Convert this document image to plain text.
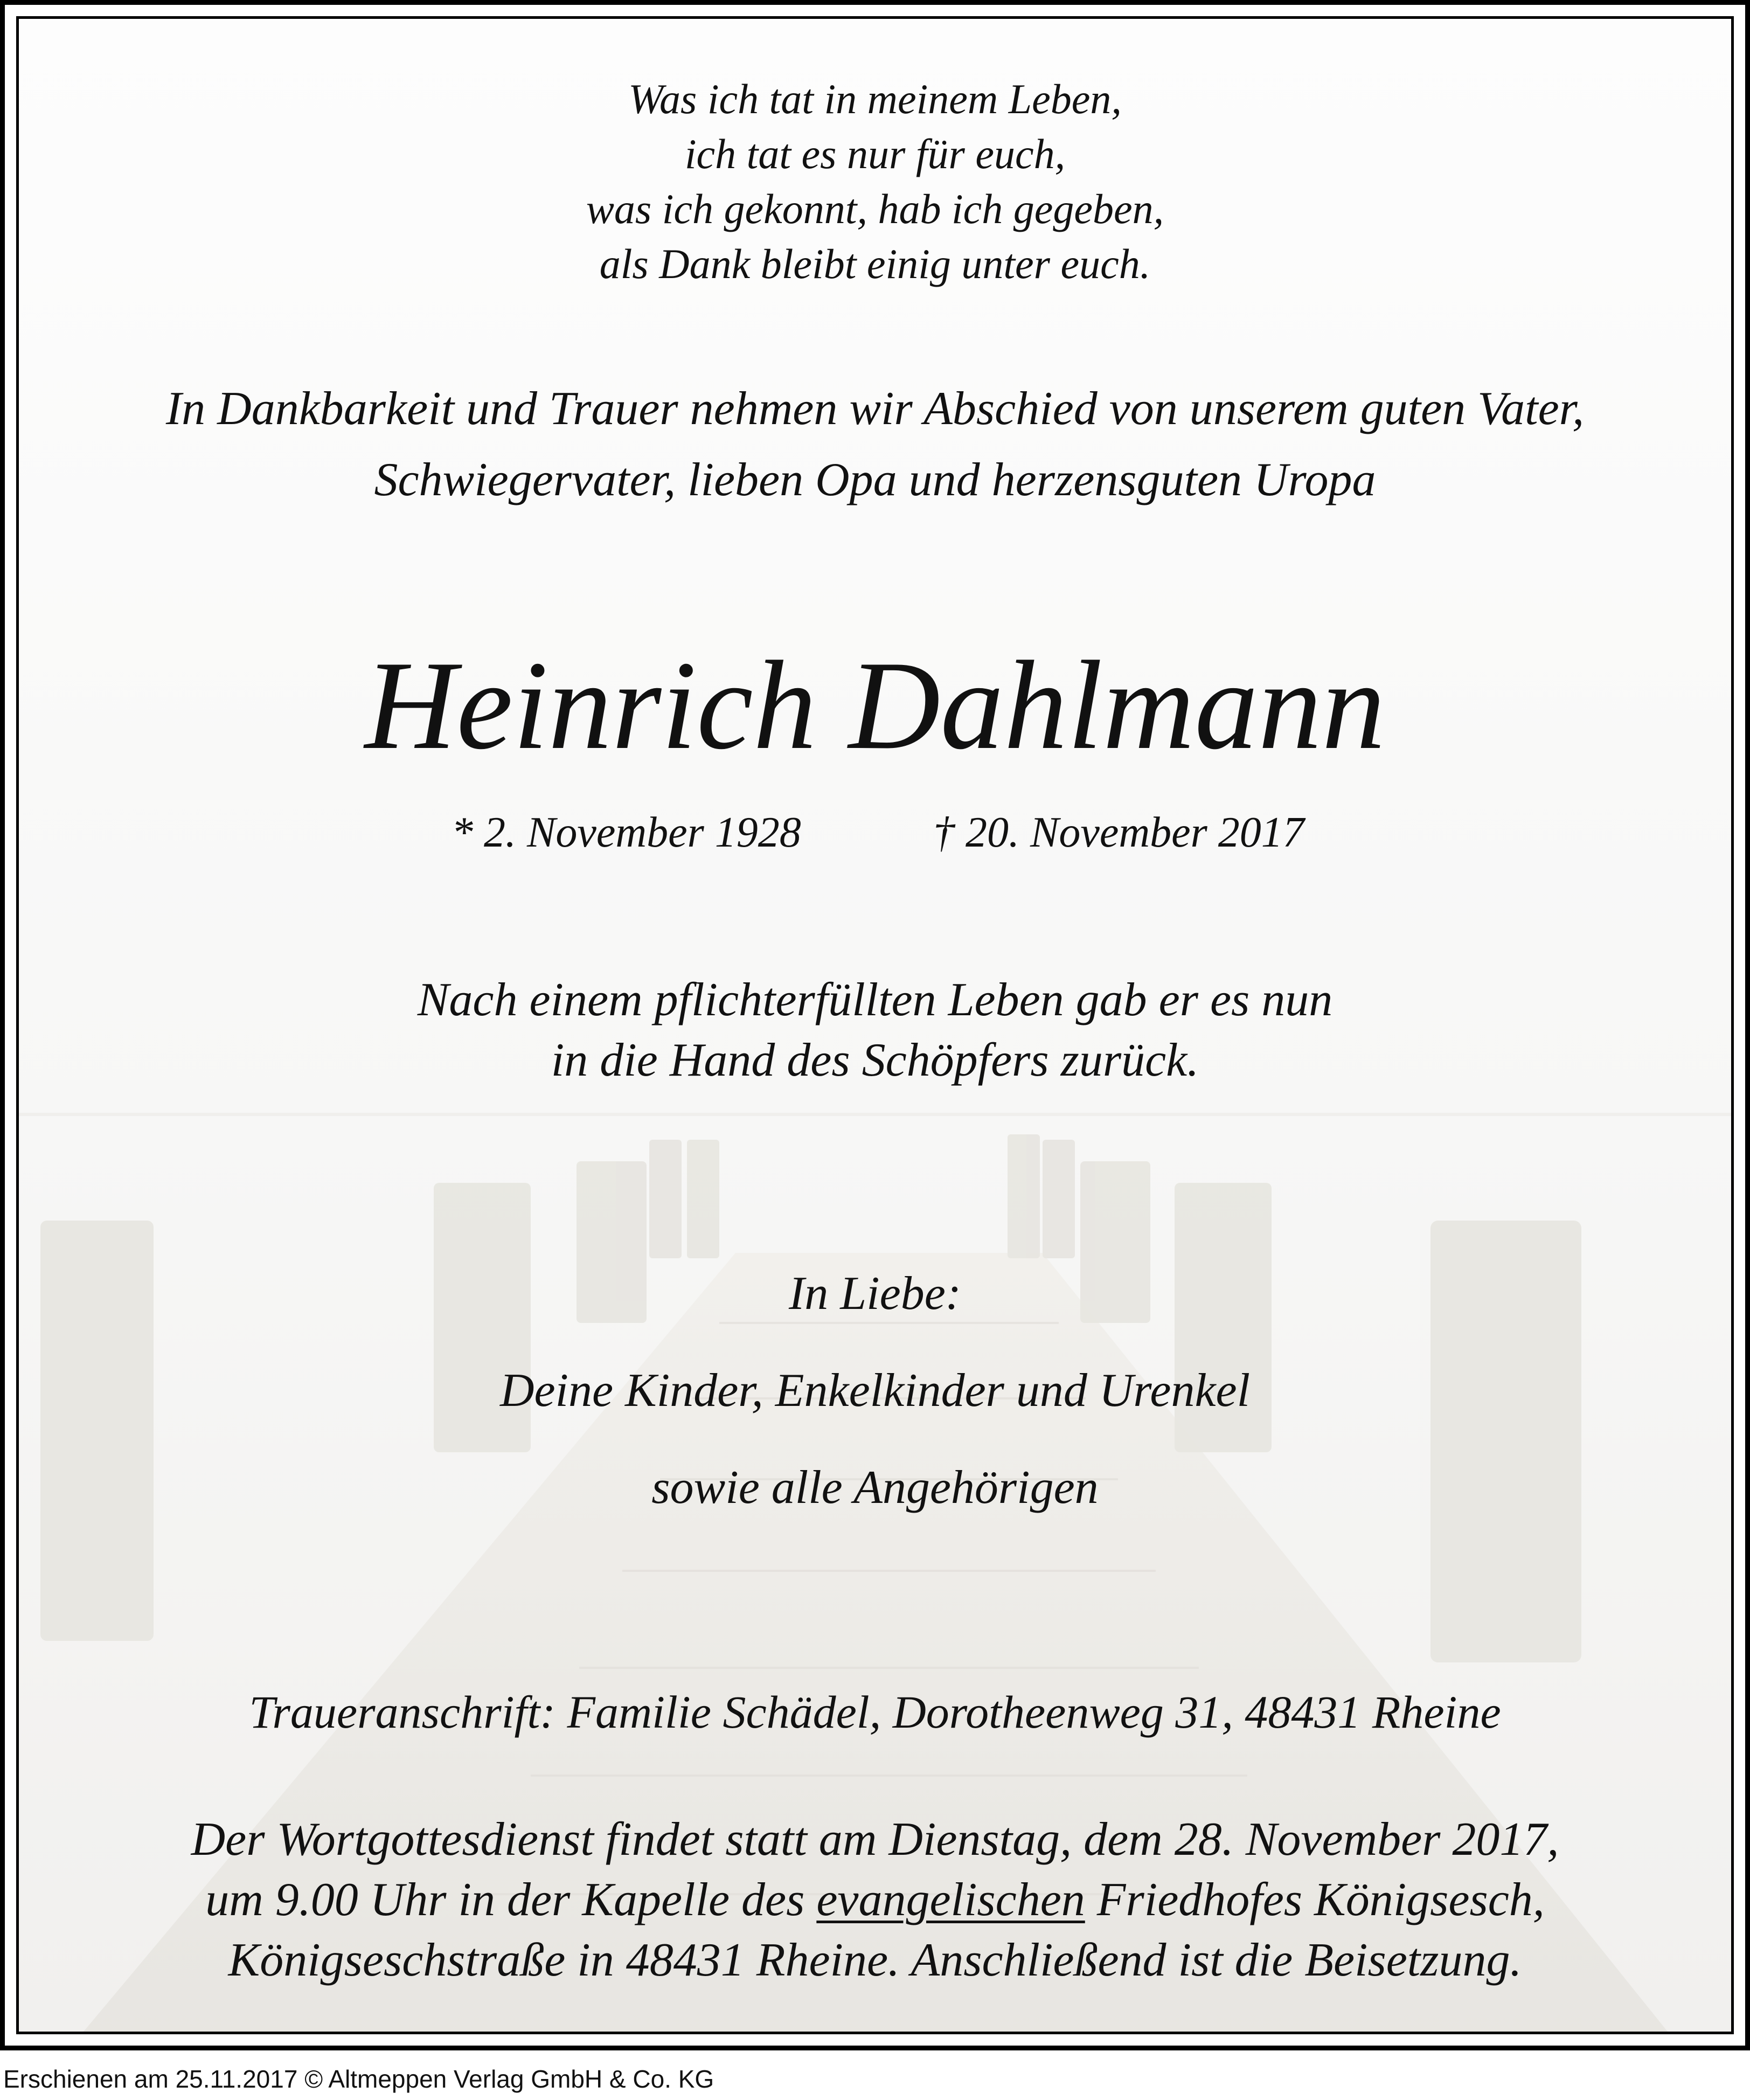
Was ich tat in meinem Leben,
ich tat es nur für euch,
was ich gekonnt, hab ich gegeben,
als Dank bleibt einig unter euch.
In Dankbarkeit und Trauer nehmen wir Abschied von unserem guten Vater,
Schwiegervater, lieben Opa und herzensguten Uropa
Heinrich Dahlmann
* 2. November 1928	† 20. November 2017
Nach einem pflichterfüllten Leben gab er es nun
in die Hand des Schöpfers zurück.
In Liebe:
Deine Kinder, Enkelkinder und Urenkel
sowie alle Angehörigen
Traueranschrift: Familie Schädel, Dorotheenweg 31, 48431 Rheine
Der Wortgottesdienst findet statt am Dienstag, dem 28. November 2017,
um 9.00 Uhr in der Kapelle des evangelischen Friedhofes Königsesch,
Königseschstraße in 48431 Rheine. Anschließend ist die Beisetzung.
Erschienen am 25.11.2017 © Altmeppen Verlag GmbH & Co. KG
